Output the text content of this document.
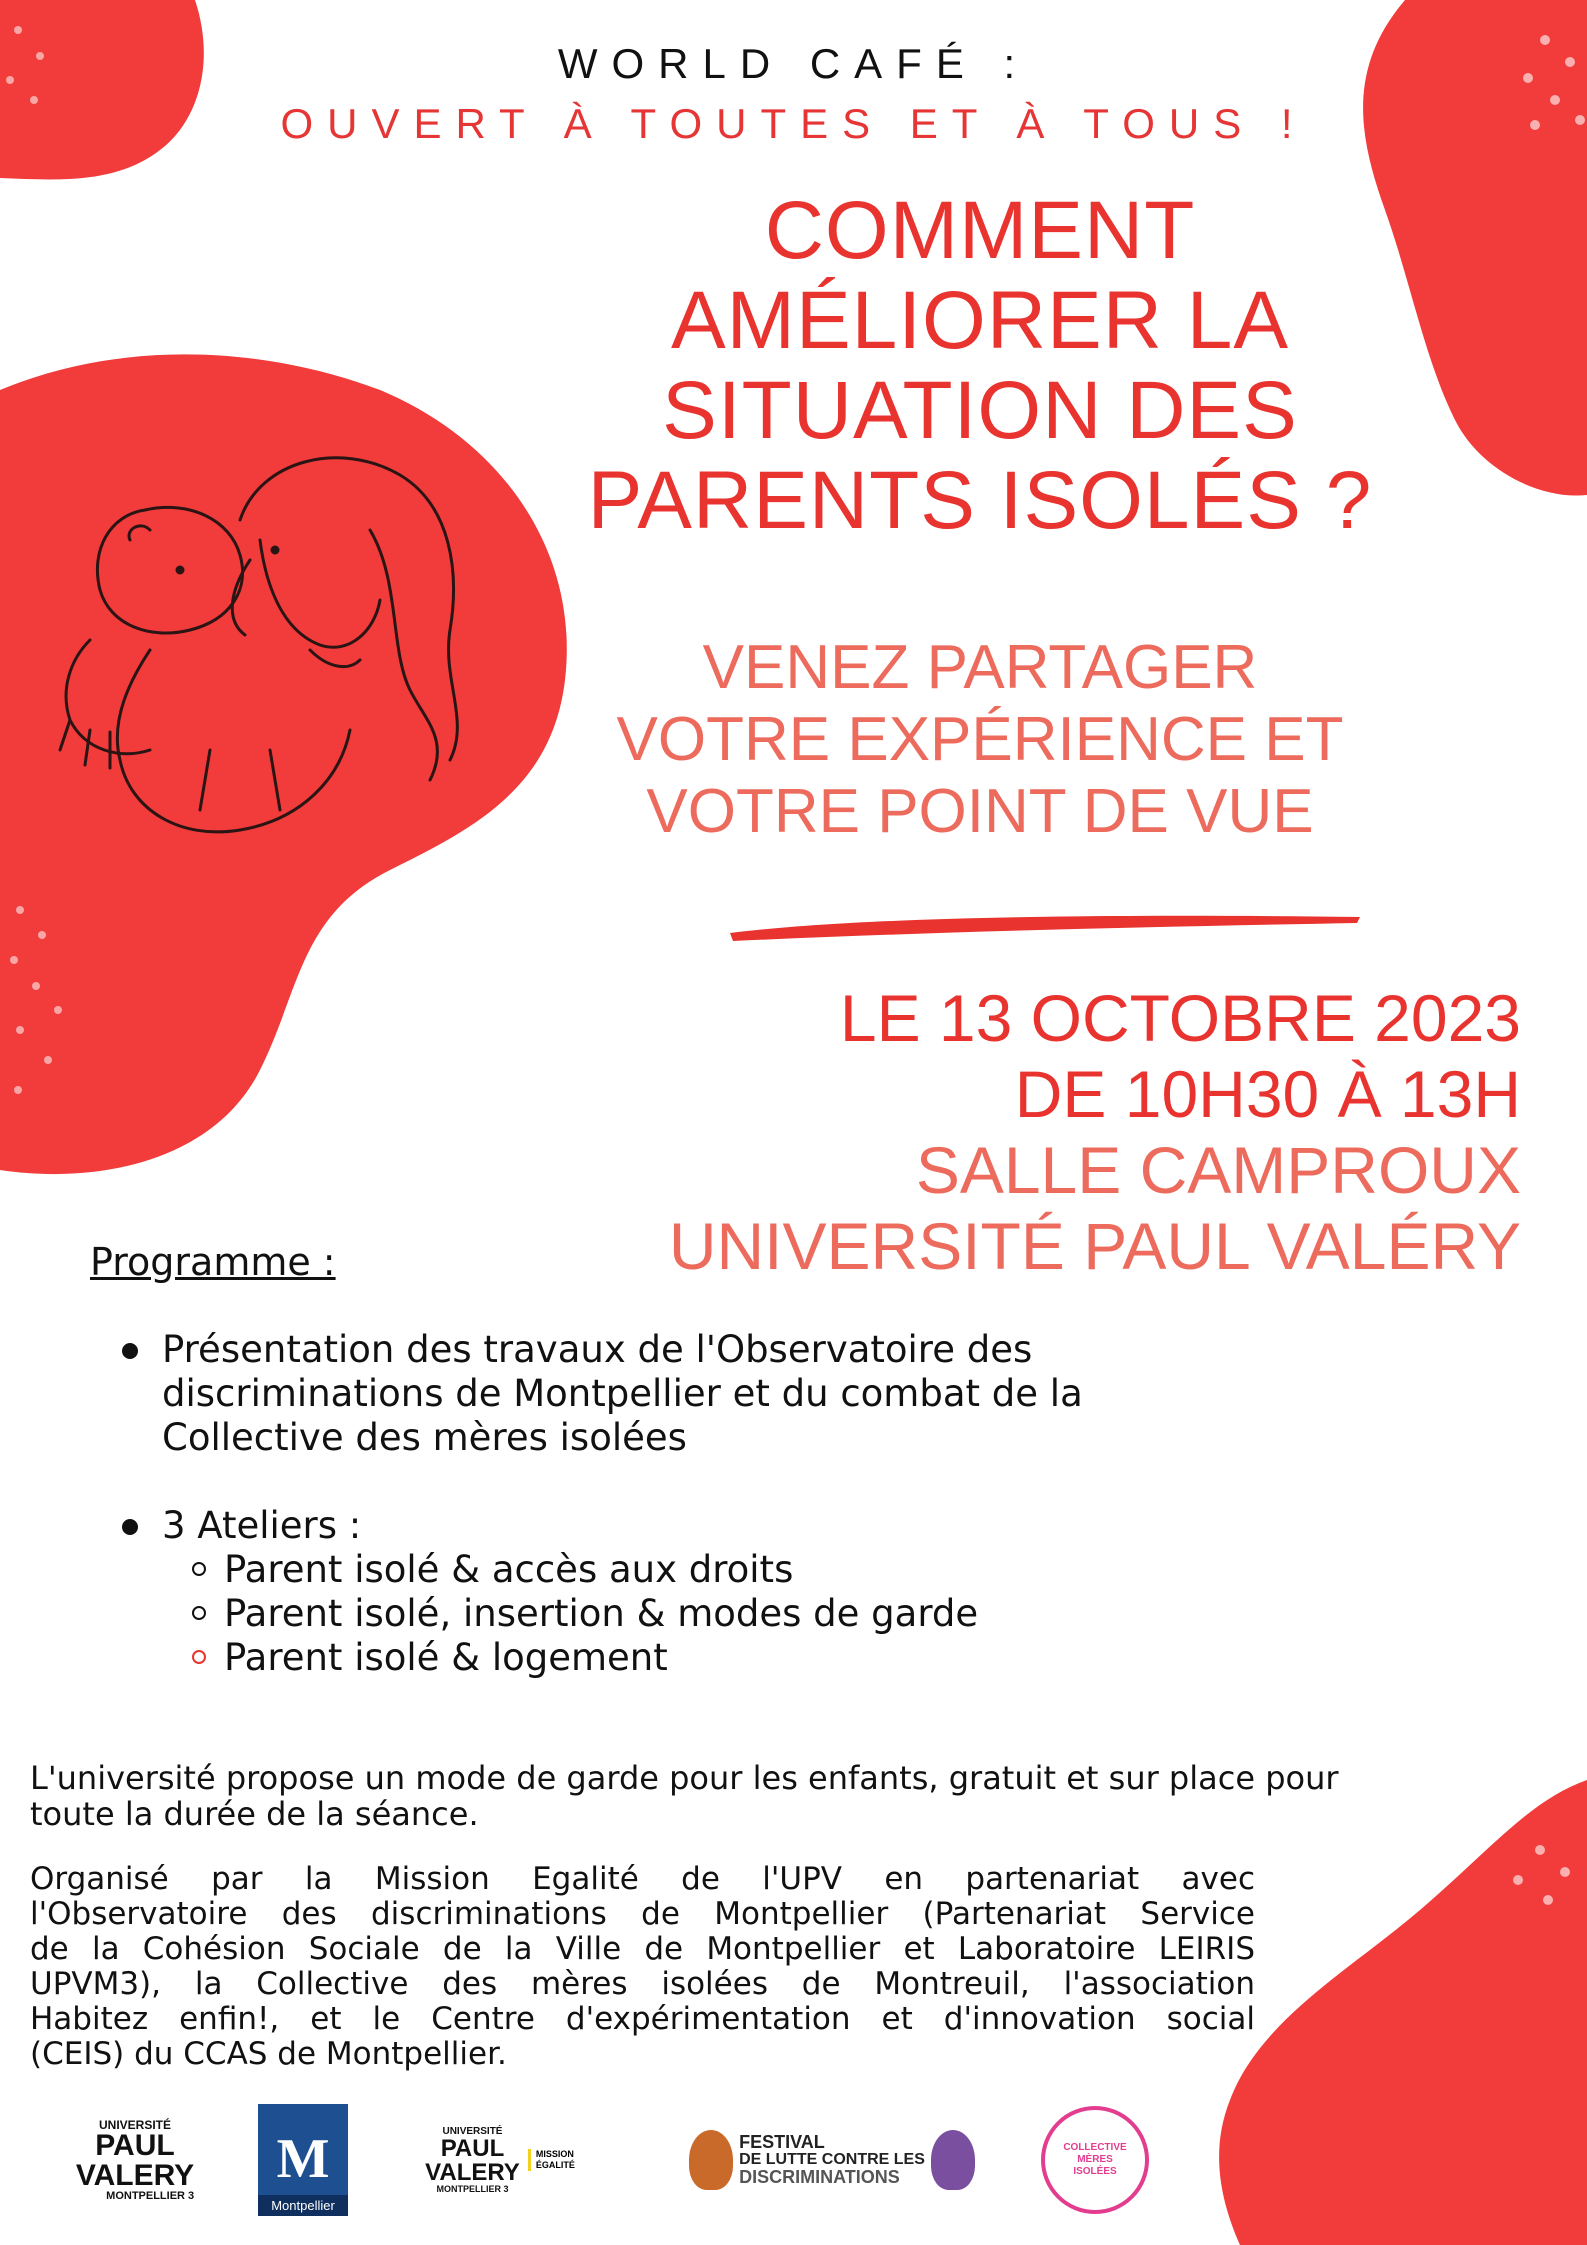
WORLD CAFÉ :
OUVERT À TOUTES ET À TOUS !
COMMENT
AMÉLIORER LA
SITUATION DES
PARENTS ISOLÉS ?
VENEZ PARTAGER
VOTRE EXPÉRIENCE ET
VOTRE POINT DE VUE
LE 13 OCTOBRE 2023
DE 10H30 À 13H
SALLE CAMPROUX
UNIVERSITÉ PAUL VALÉRY
Programme :
Présentation des travaux de l'Observatoire des
discriminations de Montpellier et du combat de la
Collective des mères isolées
3 Ateliers :
Parent isolé & accès aux droits
Parent isolé, insertion & modes de garde
Parent isolé & logement
L'université propose un mode de garde pour les enfants, gratuit et sur place pour
toute la durée de la séance.
Organisé par la Mission Egalité de l'UPV en partenariat avec
l'Observatoire des discriminations de Montpellier (Partenariat Service
de la Cohésion Sociale de la Ville de Montpellier et Laboratoire LEIRIS
UPVM3), la Collective des mères isolées de Montreuil, l'association
Habitez enfin!, et le Centre d'expérimentation et d'innovation social
(CEIS) du CCAS de Montpellier.
UNIVERSITÉ
PAUL
VALERY
MONTPELLIER 3
M
Montpellier
UNIVERSITÉ
PAUL
VALERY
MONTPELLIER 3
MISSION
ÉGALITÉ
FESTIVAL
DE LUTTE CONTRE LES
DISCRIMINATIONS
COLLECTIVE MÈRES ISOLÉES
